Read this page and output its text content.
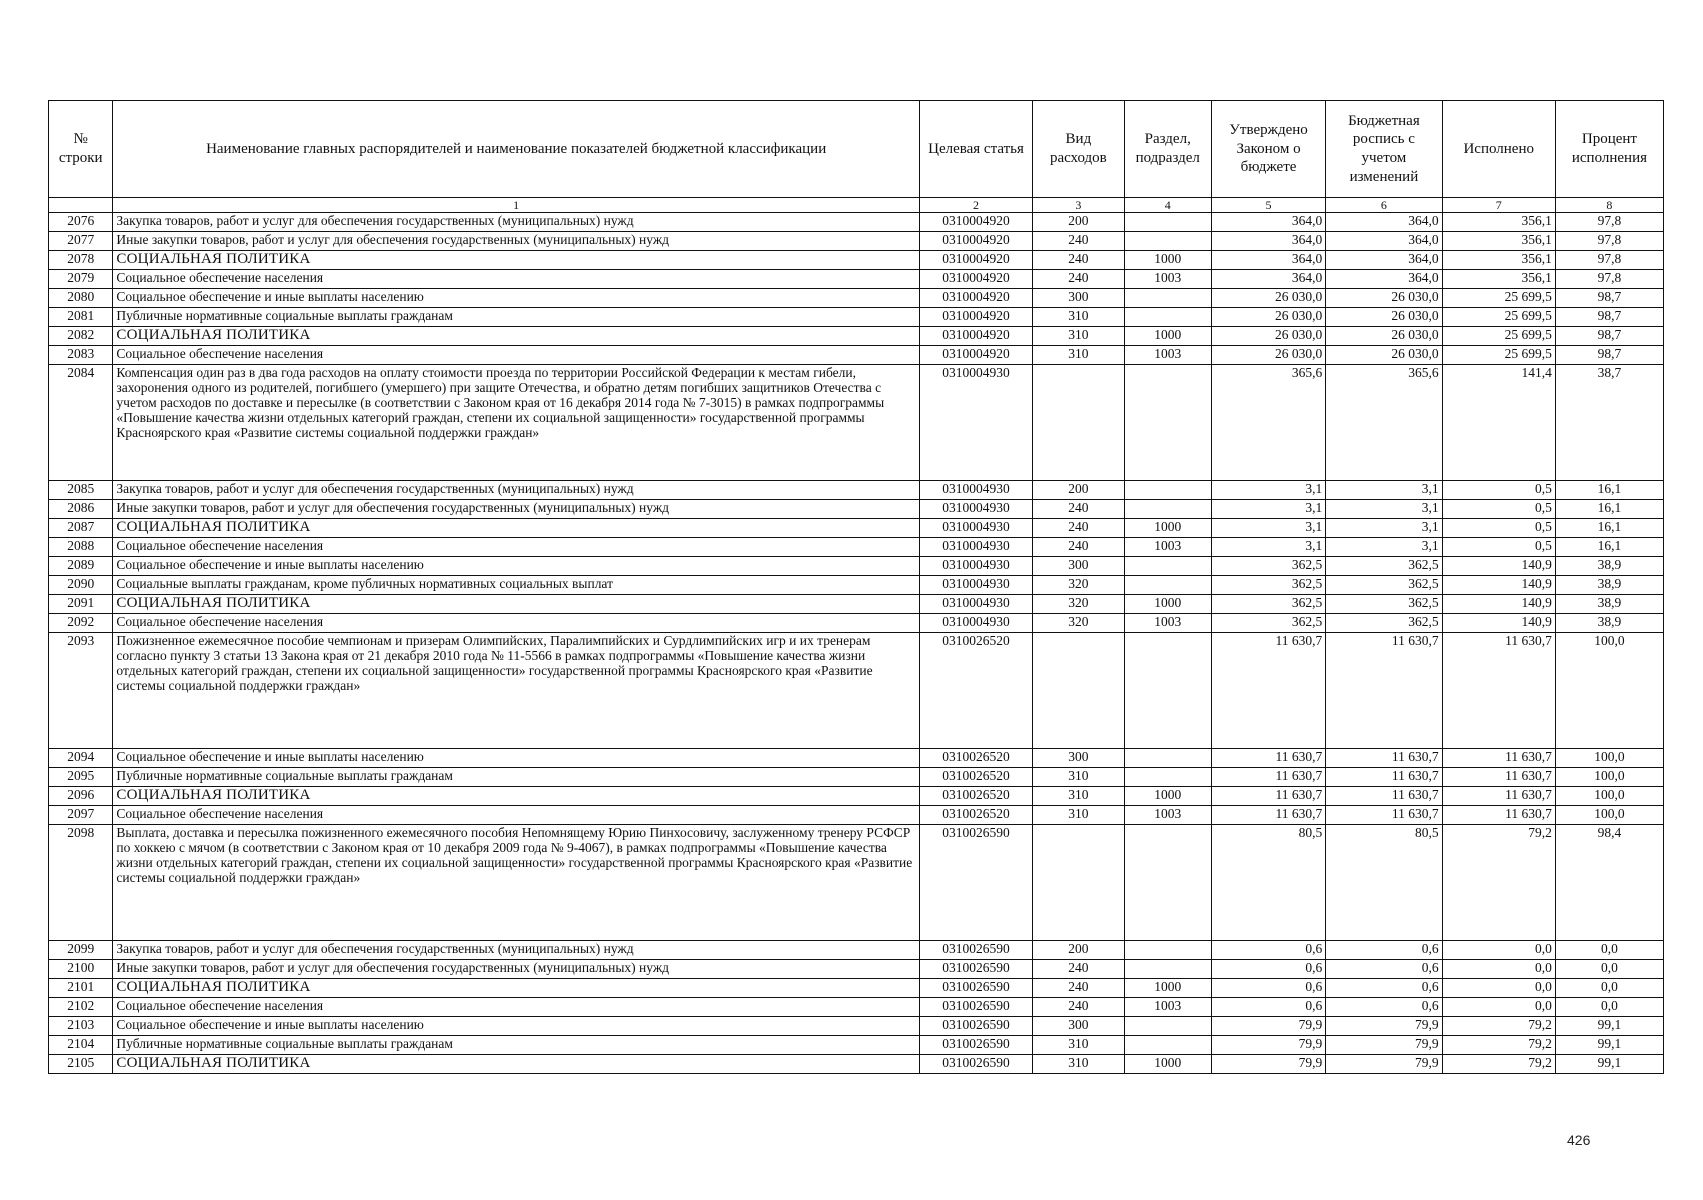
№ строки	Наименование главных распорядителей и наименование показателей бюджетной классификации	Целевая статья	Вид расходов	Раздел, подраздел	Утверждено Законом о бюджете	Бюджетная роспись с учетом изменений	Исполнено	Процент исполнения
	1	2	3	4	5	6	7	8
2076	Закупка товаров, работ и услуг для обеспечения государственных (муниципальных) нужд	0310004920	200		364,0	364,0	356,1	97,8
2077	Иные закупки товаров, работ и услуг для обеспечения государственных (муниципальных) нужд	0310004920	240		364,0	364,0	356,1	97,8
2078	СОЦИАЛЬНАЯ ПОЛИТИКА	0310004920	240	1000	364,0	364,0	356,1	97,8
2079	Социальное обеспечение населения	0310004920	240	1003	364,0	364,0	356,1	97,8
2080	Социальное обеспечение и иные выплаты населению	0310004920	300		26 030,0	26 030,0	25 699,5	98,7
2081	Публичные нормативные социальные выплаты гражданам	0310004920	310		26 030,0	26 030,0	25 699,5	98,7
2082	СОЦИАЛЬНАЯ ПОЛИТИКА	0310004920	310	1000	26 030,0	26 030,0	25 699,5	98,7
2083	Социальное обеспечение населения	0310004920	310	1003	26 030,0	26 030,0	25 699,5	98,7
2084	Компенсация один раз в два года расходов на оплату стоимости проезда по территории Российской Федерации к местам гибели, захоронения одного из родителей, погибшего (умершего) при защите Отечества, и обратно детям погибших защитников Отечества с учетом расходов по доставке и пересылке (в соответствии с Законом края от 16 декабря 2014 года № 7-3015) в рамках подпрограммы «Повышение качества жизни отдельных категорий граждан, степени их социальной защищенности» государственной программы Красноярского края «Развитие системы социальной поддержки граждан»	0310004930			365,6	365,6	141,4	38,7
2085	Закупка товаров, работ и услуг для обеспечения государственных (муниципальных) нужд	0310004930	200		3,1	3,1	0,5	16,1
2086	Иные закупки товаров, работ и услуг для обеспечения государственных (муниципальных) нужд	0310004930	240		3,1	3,1	0,5	16,1
2087	СОЦИАЛЬНАЯ ПОЛИТИКА	0310004930	240	1000	3,1	3,1	0,5	16,1
2088	Социальное обеспечение населения	0310004930	240	1003	3,1	3,1	0,5	16,1
2089	Социальное обеспечение и иные выплаты населению	0310004930	300		362,5	362,5	140,9	38,9
2090	Социальные выплаты гражданам, кроме публичных нормативных социальных выплат	0310004930	320		362,5	362,5	140,9	38,9
2091	СОЦИАЛЬНАЯ ПОЛИТИКА	0310004930	320	1000	362,5	362,5	140,9	38,9
2092	Социальное обеспечение населения	0310004930	320	1003	362,5	362,5	140,9	38,9
2093	Пожизненное ежемесячное пособие чемпионам и призерам Олимпийских, Паралимпийских и Сурдлимпийских игр и их тренерам согласно пункту 3 статьи 13 Закона края от 21 декабря 2010 года № 11-5566 в рамках подпрограммы «Повышение качества жизни отдельных категорий граждан, степени их социальной защищенности» государственной программы Красноярского края «Развитие системы социальной поддержки граждан»	0310026520			11 630,7	11 630,7	11 630,7	100,0
2094	Социальное обеспечение и иные выплаты населению	0310026520	300		11 630,7	11 630,7	11 630,7	100,0
2095	Публичные нормативные социальные выплаты гражданам	0310026520	310		11 630,7	11 630,7	11 630,7	100,0
2096	СОЦИАЛЬНАЯ ПОЛИТИКА	0310026520	310	1000	11 630,7	11 630,7	11 630,7	100,0
2097	Социальное обеспечение населения	0310026520	310	1003	11 630,7	11 630,7	11 630,7	100,0
2098	Выплата, доставка и пересылка пожизненного ежемесячного пособия Непомнящему Юрию Пинхосовичу, заслуженному тренеру РСФСР по хоккею с мячом (в соответствии с Законом края от 10 декабря 2009 года № 9-4067), в рамках подпрограммы «Повышение качества жизни отдельных категорий граждан, степени их социальной защищенности» государственной программы Красноярского края «Развитие системы социальной поддержки граждан»	0310026590			80,5	80,5	79,2	98,4
2099	Закупка товаров, работ и услуг для обеспечения государственных (муниципальных) нужд	0310026590	200		0,6	0,6	0,0	0,0
2100	Иные закупки товаров, работ и услуг для обеспечения государственных (муниципальных) нужд	0310026590	240		0,6	0,6	0,0	0,0
2101	СОЦИАЛЬНАЯ ПОЛИТИКА	0310026590	240	1000	0,6	0,6	0,0	0,0
2102	Социальное обеспечение населения	0310026590	240	1003	0,6	0,6	0,0	0,0
2103	Социальное обеспечение и иные выплаты населению	0310026590	300		79,9	79,9	79,2	99,1
2104	Публичные нормативные социальные выплаты гражданам	0310026590	310		79,9	79,9	79,2	99,1
2105	СОЦИАЛЬНАЯ ПОЛИТИКА	0310026590	310	1000	79,9	79,9	79,2	99,1
426
